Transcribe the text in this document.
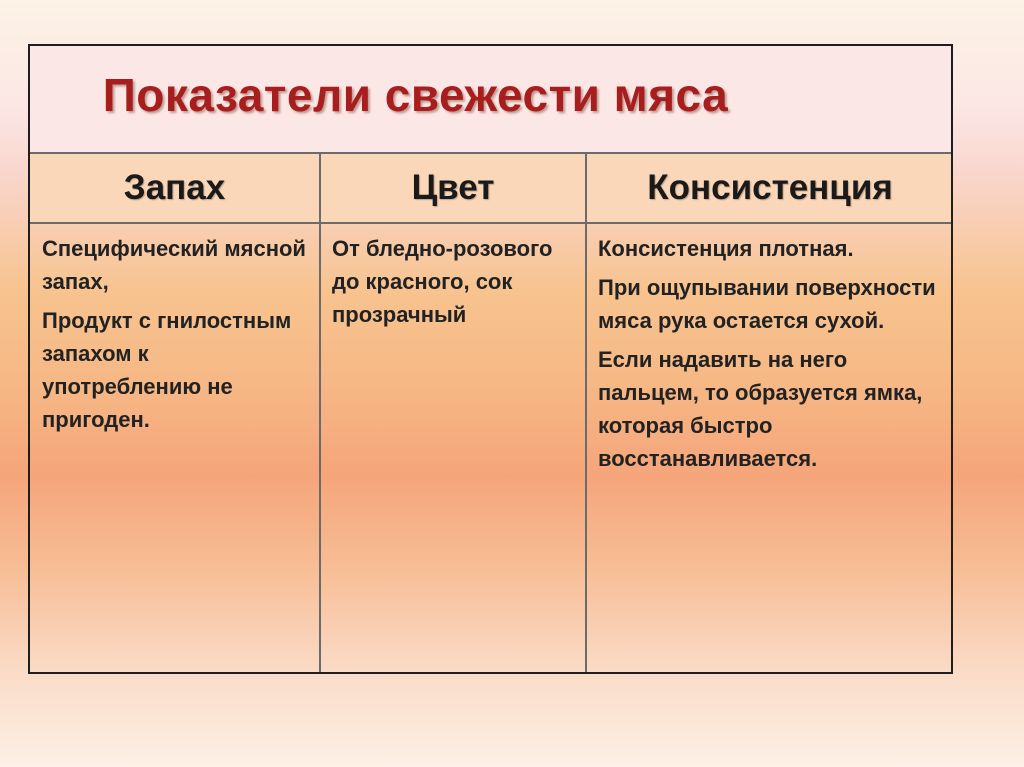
Показатели свежести мяса
Запах	Цвет	Консистенция

Специфический мясной запах,

Продукт с гнилостным запахом к употреблению не пригоден.

От бледно-розового до красного, сок прозрачный

Консистенция плотная.

При ощупывании поверхности мяса рука остается сухой.

Если надавить на него пальцем, то образуется ямка, которая быстро восстанавливается.
